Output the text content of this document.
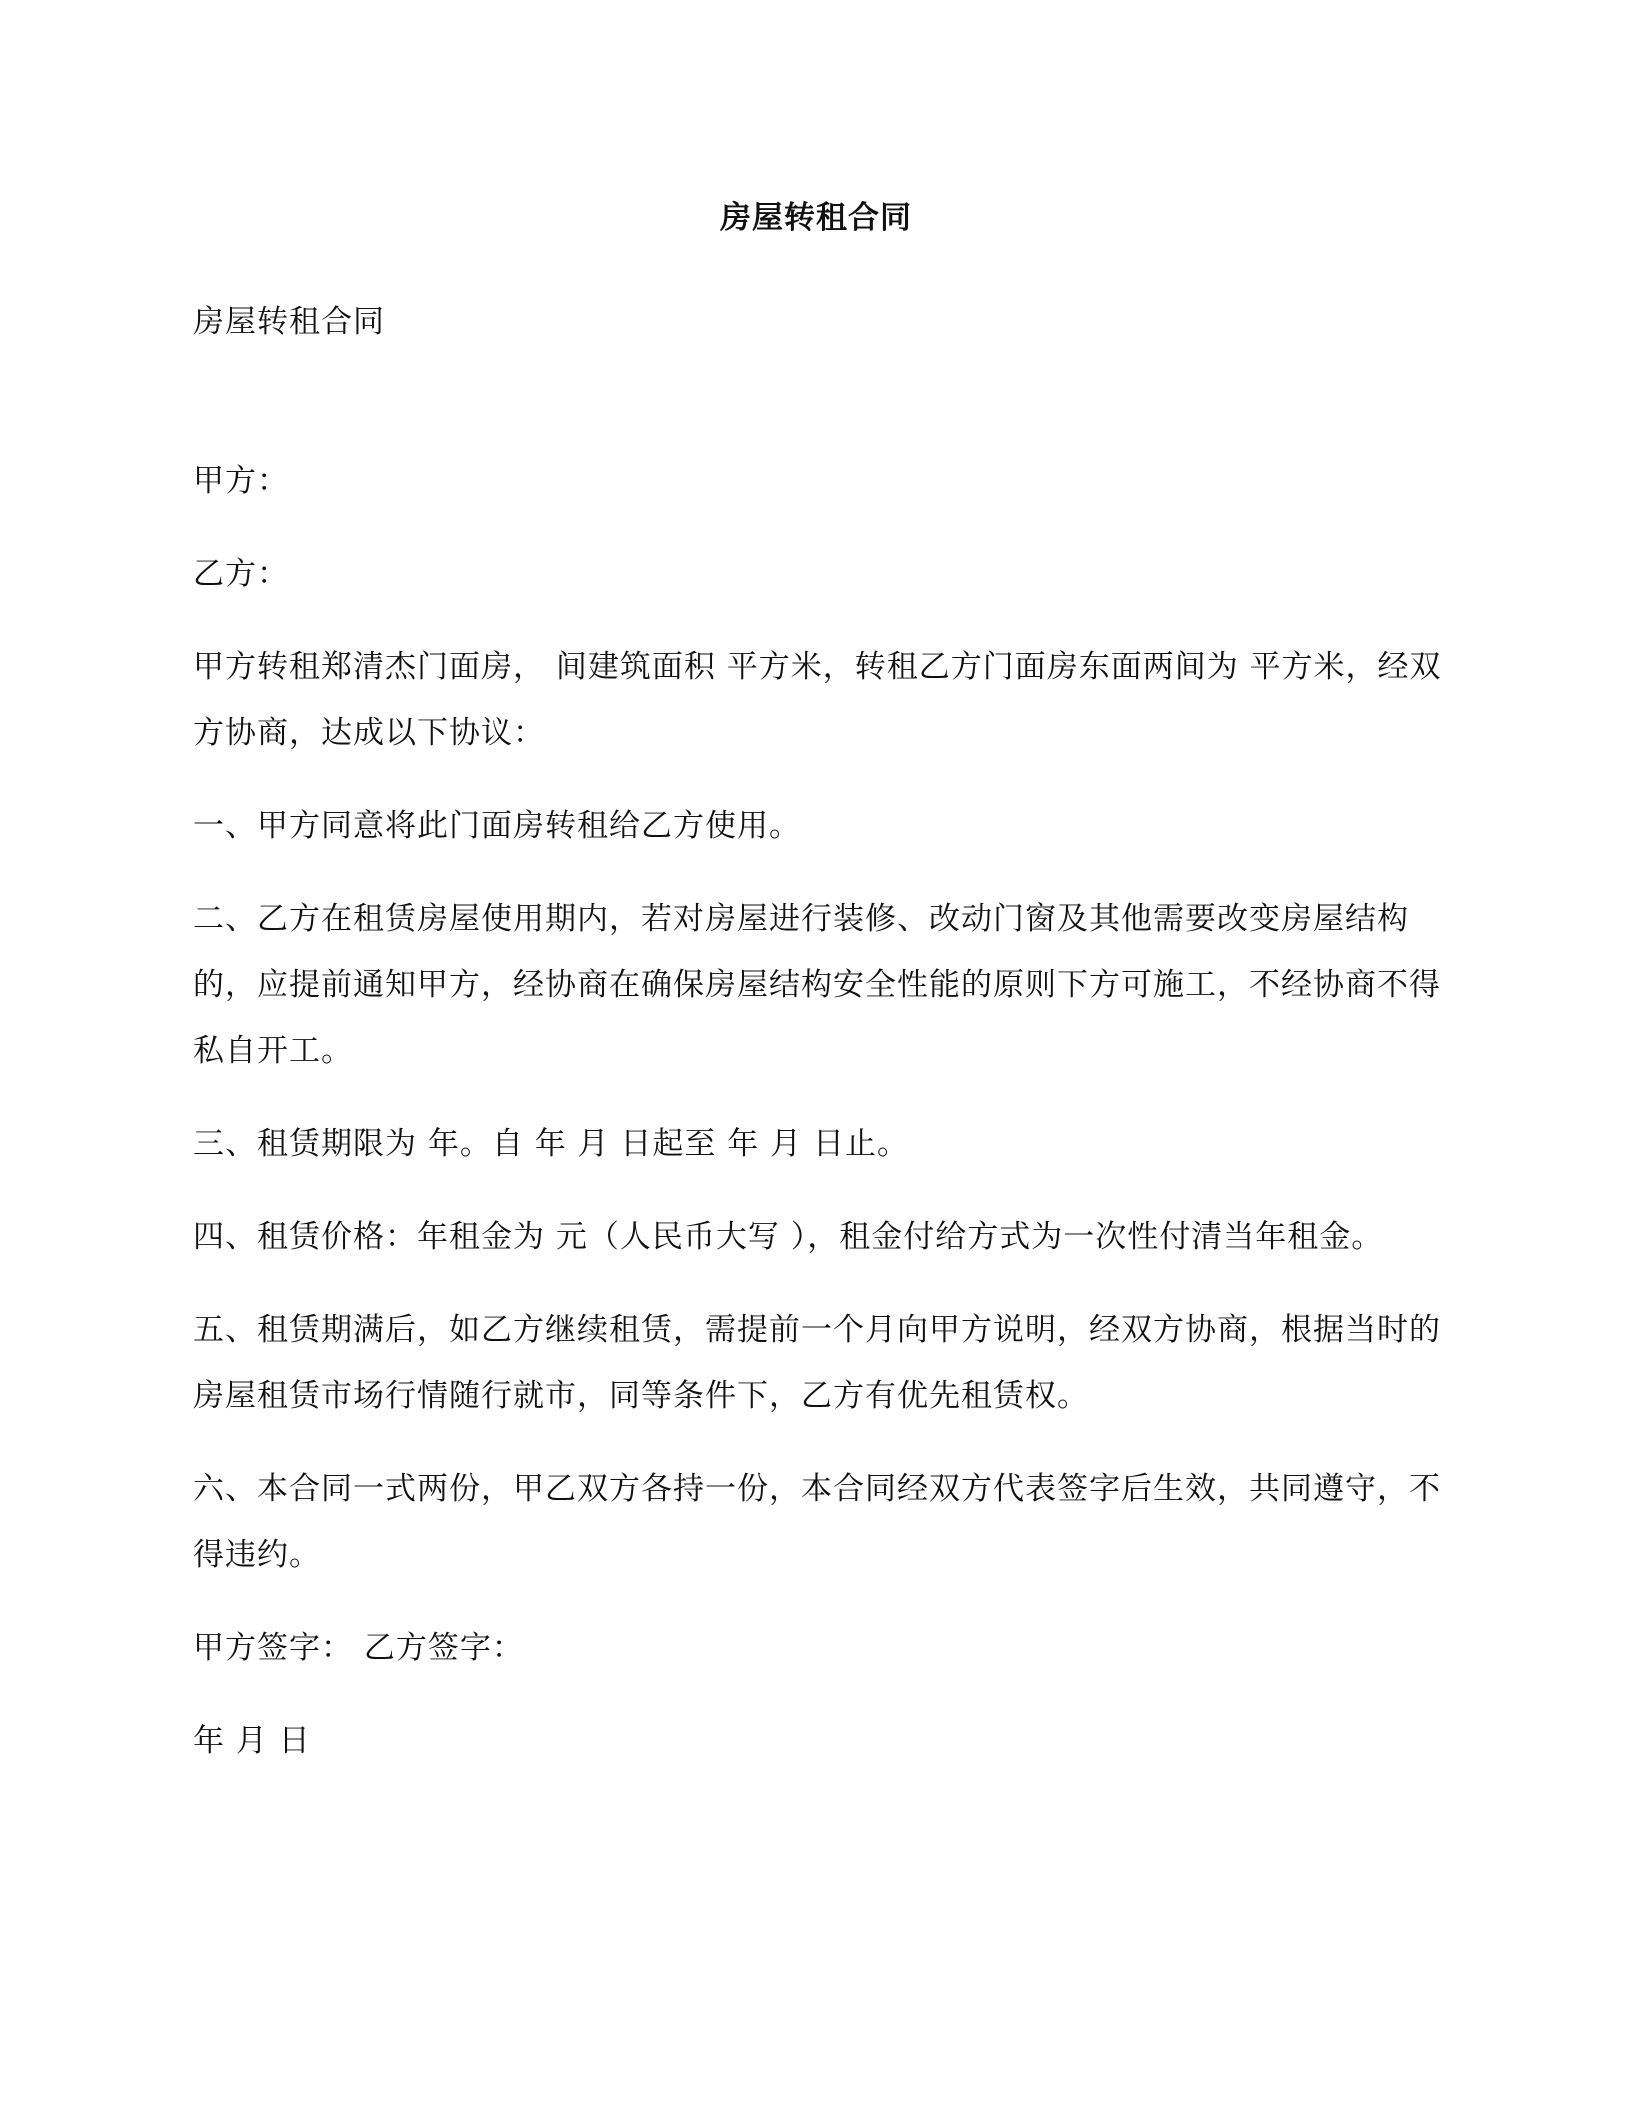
房屋转租合同

房屋转租合同

甲方：

乙方：

甲方转租郑清杰门面房， 间建筑面积 平方米，转租乙方门面房东面两间为 平方米，经双方协商，达成以下协议：

一、甲方同意将此门面房转租给乙方使用。

二、乙方在租赁房屋使用期内，若对房屋进行装修、改动门窗及其他需要改变房屋结构的，应提前通知甲方，经协商在确保房屋结构安全性能的原则下方可施工，不经协商不得私自开工。

三、租赁期限为 年。自 年 月 日起至 年 月 日止。

四、租赁价格：年租金为 元（人民币大写 ），租金付给方式为一次性付清当年租金。

五、租赁期满后，如乙方继续租赁，需提前一个月向甲方说明，经双方协商，根据当时的房屋租赁市场行情随行就市，同等条件下，乙方有优先租赁权。

六、本合同一式两份，甲乙双方各持一份，本合同经双方代表签字后生效，共同遵守，不得违约。

甲方签字： 乙方签字：

年 月 日
